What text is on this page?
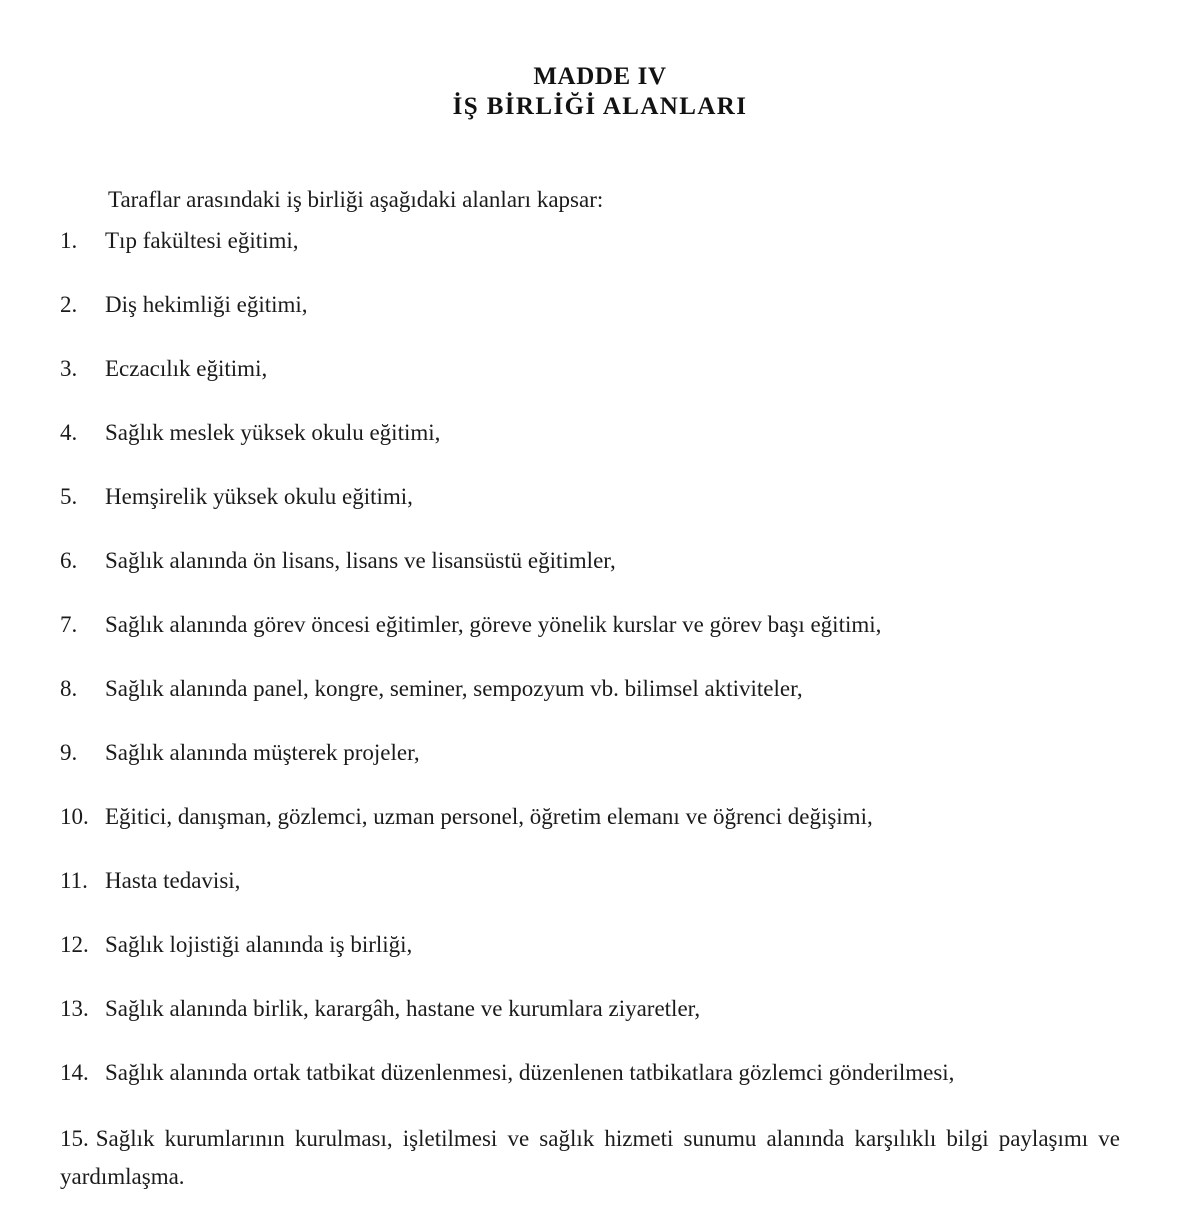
MADDE IV
İŞ BİRLİĞİ ALANLARI

Taraflar arasındaki iş birliği aşağıdaki alanları kapsar:

1.	Tıp fakültesi eğitimi,
2.	Diş hekimliği eğitimi,
3.	Eczacılık eğitimi,
4.	Sağlık meslek yüksek okulu eğitimi,
5.	Hemşirelik yüksek okulu eğitimi,
6.	Sağlık alanında ön lisans, lisans ve lisansüstü eğitimler,
7.	Sağlık alanında görev öncesi eğitimler, göreve yönelik kurslar ve görev başı eğitimi,
8.	Sağlık alanında panel, kongre, seminer, sempozyum vb. bilimsel aktiviteler,
9.	Sağlık alanında müşterek projeler,
10. Eğitici, danışman, gözlemci, uzman personel, öğretim elemanı ve öğrenci değişimi,
11. Hasta tedavisi,
12. Sağlık lojistiği alanında iş birliği,
13. Sağlık alanında birlik, karargâh, hastane ve kurumlara ziyaretler,
14. Sağlık alanında ortak tatbikat düzenlenmesi, düzenlenen tatbikatlara gözlemci gönderilmesi,
15. Sağlık kurumlarının kurulması, işletilmesi ve sağlık hizmeti sunumu alanında karşılıklı bilgi paylaşımı ve yardımlaşma.
